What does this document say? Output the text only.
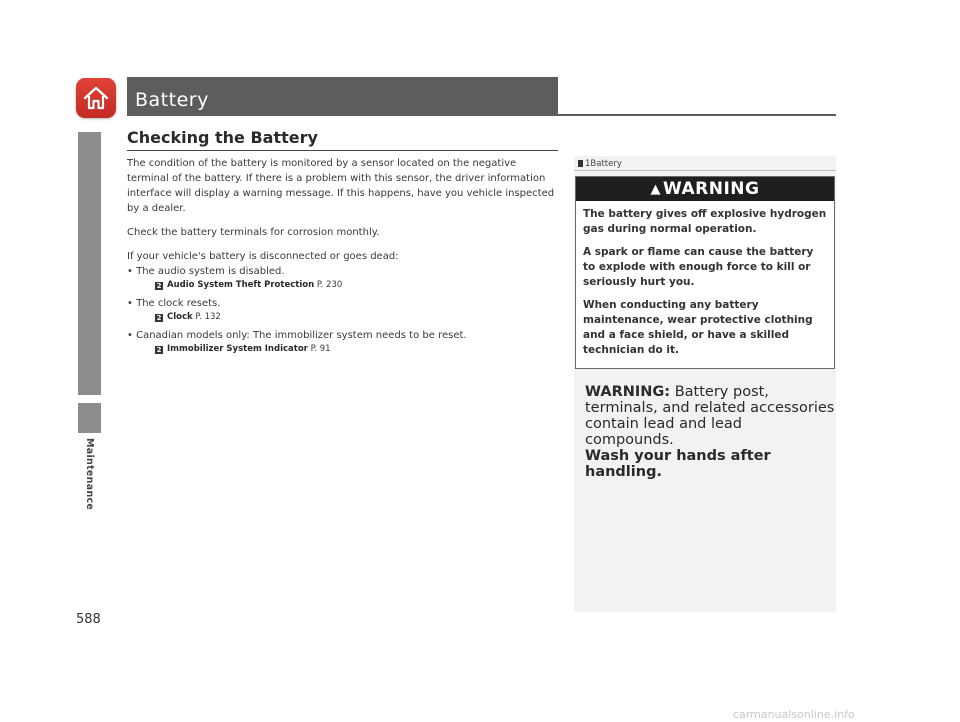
Battery
Maintenance
588
Checking the Battery

The condition of the battery is monitored by a sensor located on the negative terminal of the battery. If there is a problem with this sensor, the driver information interface will display a warning message. If this happens, have you vehicle inspected by a dealer.

Check the battery terminals for corrosion monthly.

If your vehicle's battery is disconnected or goes dead:

• The audio system is disabled.

2 Audio System Theft Protection P. 230

• The clock resets.

2 Clock P. 132

• Canadian models only: The immobilizer system needs to be reset.

2 Immobilizer System Indicator P. 91
1Battery
▲ WARNING

The battery gives off explosive hydrogen gas during normal operation.

A spark or flame can cause the battery to explode with enough force to kill or seriously hurt you.

When conducting any battery maintenance, wear protective clothing and a face shield, or have a skilled technician do it.

WARNING: Battery post, terminals, and related accessories contain lead and lead compounds.
Wash your hands after handling.
carmanualsonline.info
